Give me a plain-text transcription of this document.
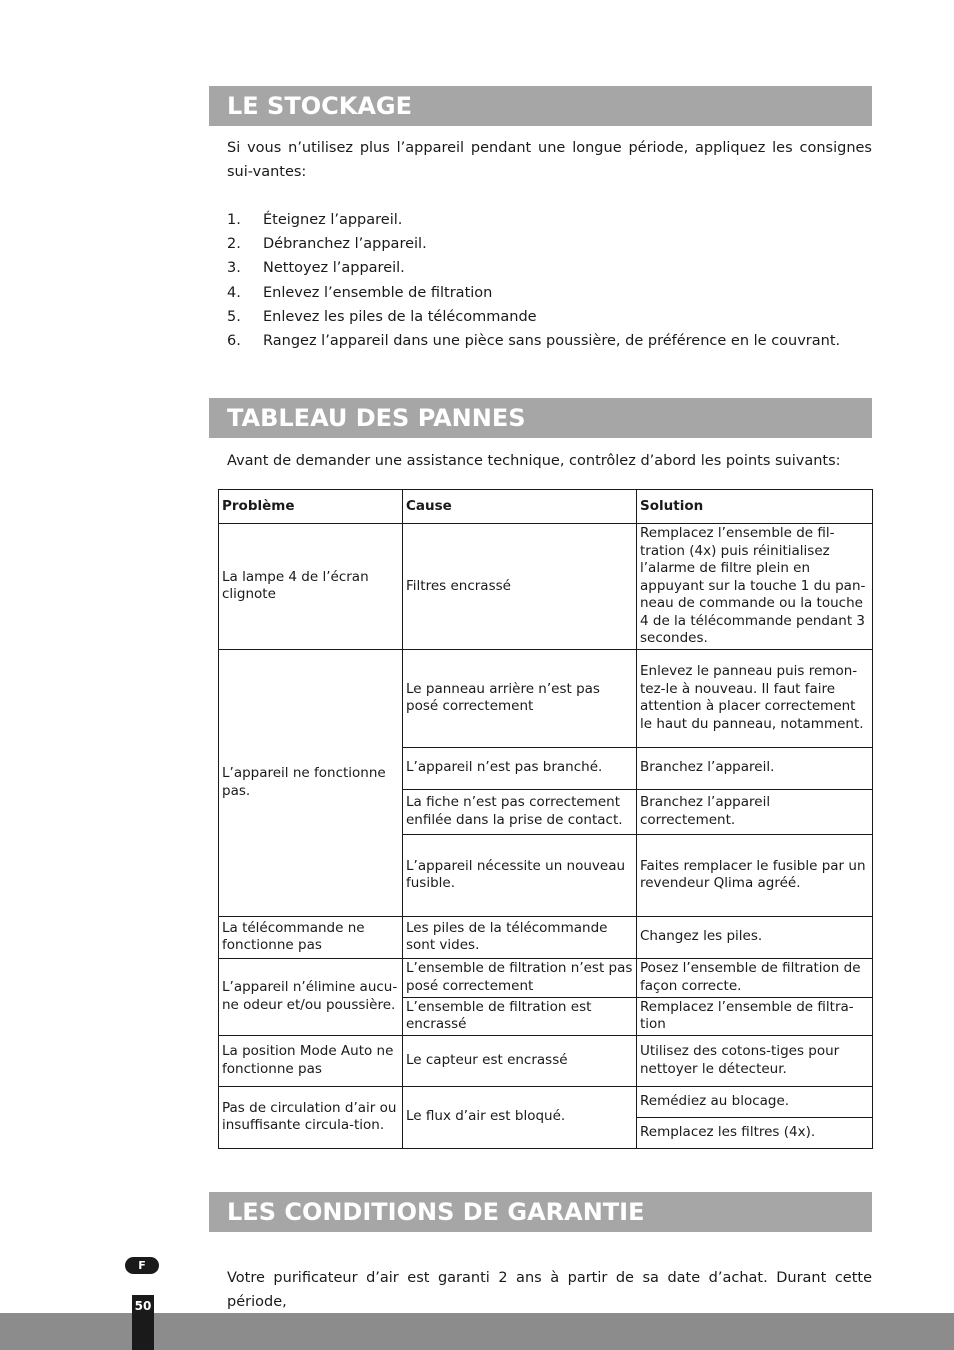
LE STOCKAGE
Si vous n’utilisez plus l’appareil pendant une longue période, appliquez les consignes sui-vantes:
1.	Éteignez l’appareil.
2.	Débranchez l’appareil.
3.	Nettoyez l’appareil.
4.	Enlevez l’ensemble de filtration
5.	Enlevez les piles de la télécommande
6.	Rangez l’appareil dans une pièce sans poussière, de préférence en le couvrant.
TABLEAU DES PANNES
Avant de demander une assistance technique, contrôlez d’abord les points suivants:
Problème	Cause	Solution
La lampe 4 de l’écran clignote	Filtres encrassé	Remplacez l’ensemble de fil-tration (4x) puis réinitialisez l’alarme de filtre plein en appuyant sur la touche 1 du pan-neau de commande ou la touche 4 de la télécommande pendant 3 secondes.
L’appareil ne fonctionne pas.	Le panneau arrière n’est pas posé correctement	Enlevez le panneau puis remon-tez-le à nouveau. Il faut faire attention à placer correctement le haut du panneau, notamment.
	L’appareil n’est pas branché.	Branchez l’appareil.
	La fiche n’est pas correctement enfilée dans la prise de contact.	Branchez l’appareil correctement.
	L’appareil nécessite un nouveau fusible.	Faites remplacer le fusible par un revendeur Qlima agréé.
La télécommande ne fonctionne pas	Les piles de la télécommande sont vides.	Changez les piles.
L’appareil n’élimine aucu-ne odeur et/ou poussière.	L’ensemble de filtration n’est pas posé correctement	Posez l’ensemble de filtration de façon correcte.
	L’ensemble de filtration est encrassé	Remplacez l’ensemble de filtra-tion
La position Mode Auto ne fonctionne pas	Le capteur est encrassé	Utilisez des cotons-tiges pour nettoyer le détecteur.
Pas de circulation d’air ou insuffisante circula-tion.	Le flux d’air est bloqué.	Remédiez au blocage.
		Remplacez les filtres (4x).
LES CONDITIONS DE GARANTIE
Votre purificateur d’air est garanti 2 ans à partir de sa date d’achat. Durant cette période,
F
50
